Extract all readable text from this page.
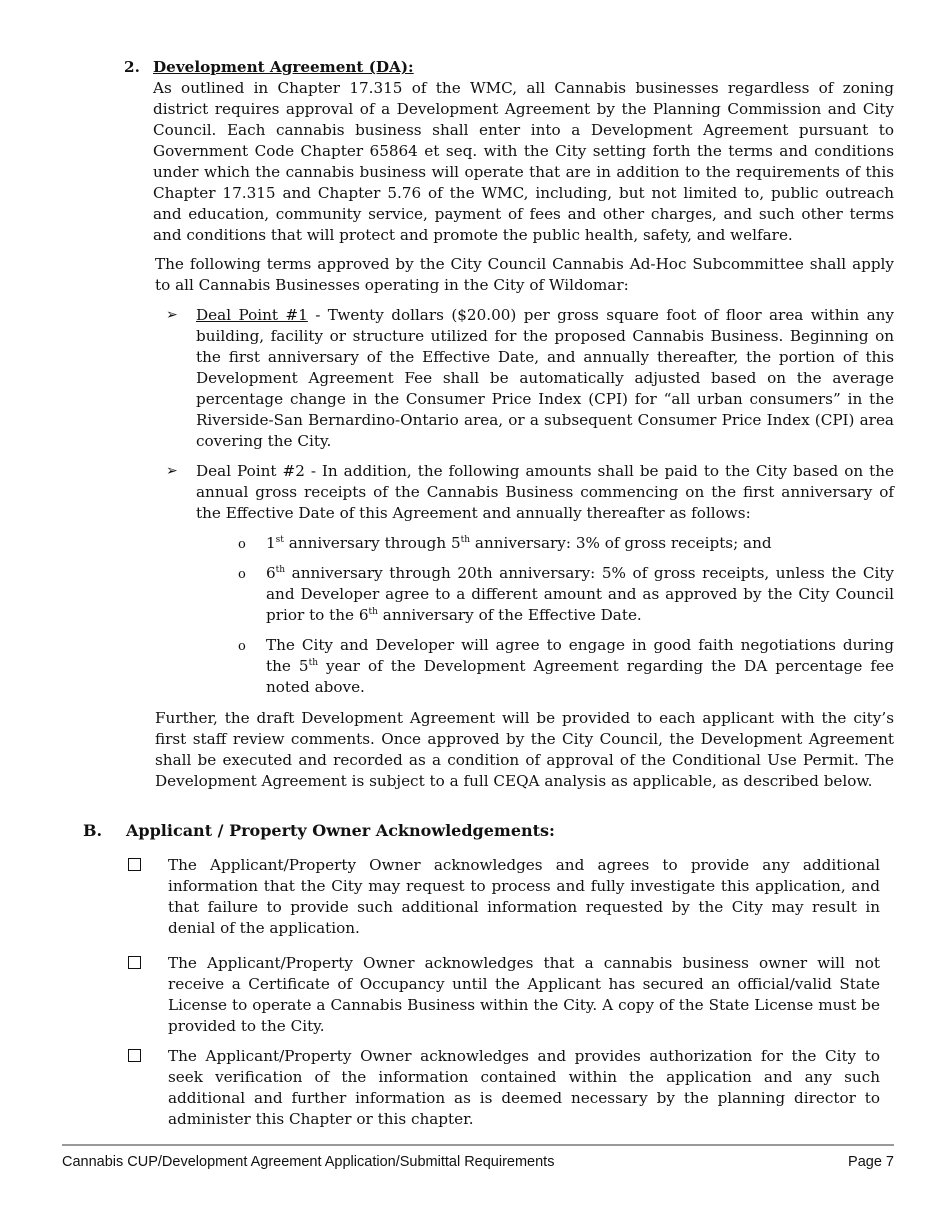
2. Development Agreement (DA):

As outlined in Chapter 17.315 of the WMC, all Cannabis businesses regardless of zoning district requires approval of a Development Agreement by the Planning Commission and City Council. Each cannabis business shall enter into a Development Agreement pursuant to Government Code Chapter 65864 et seq. with the City setting forth the terms and conditions under which the cannabis business will operate that are in addition to the requirements of this Chapter 17.315 and Chapter 5.76 of the WMC, including, but not limited to, public outreach and education, community service, payment of fees and other charges, and such other terms and conditions that will protect and promote the public health, safety, and welfare.

The following terms approved by the City Council Cannabis Ad-Hoc Subcommittee shall apply to all Cannabis Businesses operating in the City of Wildomar:

➢ Deal Point #1 - Twenty dollars ($20.00) per gross square foot of floor area within any building, facility or structure utilized for the proposed Cannabis Business. Beginning on the first anniversary of the Effective Date, and annually thereafter, the portion of this Development Agreement Fee shall be automatically adjusted based on the average percentage change in the Consumer Price Index (CPI) for “all urban consumers” in the Riverside-San Bernardino-Ontario area, or a subsequent Consumer Price Index (CPI) area covering the City.

➢ Deal Point #2 - In addition, the following amounts shall be paid to the City based on the annual gross receipts of the Cannabis Business commencing on the first anniversary of the Effective Date of this Agreement and annually thereafter as follows:

o 1st anniversary through 5th anniversary: 3% of gross receipts; and

o 6th anniversary through 20th anniversary: 5% of gross receipts, unless the City and Developer agree to a different amount and as approved by the City Council prior to the 6th anniversary of the Effective Date.

o The City and Developer will agree to engage in good faith negotiations during the 5th year of the Development Agreement regarding the DA percentage fee noted above.

Further, the draft Development Agreement will be provided to each applicant with the city’s first staff review comments. Once approved by the City Council, the Development Agreement shall be executed and recorded as a condition of approval of the Conditional Use Permit. The Development Agreement is subject to a full CEQA analysis as applicable, as described below.

B. Applicant / Property Owner Acknowledgements:

The Applicant/Property Owner acknowledges and agrees to provide any additional information that the City may request to process and fully investigate this application, and that failure to provide such additional information requested by the City may result in denial of the application.

The Applicant/Property Owner acknowledges that a cannabis business owner will not receive a Certificate of Occupancy until the Applicant has secured an official/valid State License to operate a Cannabis Business within the City. A copy of the State License must be provided to the City.

The Applicant/Property Owner acknowledges and provides authorization for the City to seek verification of the information contained within the application and any such additional and further information as is deemed necessary by the planning director to administer this Chapter or this chapter.

Cannabis CUP/Development Agreement Application/Submittal Requirements	Page 7
